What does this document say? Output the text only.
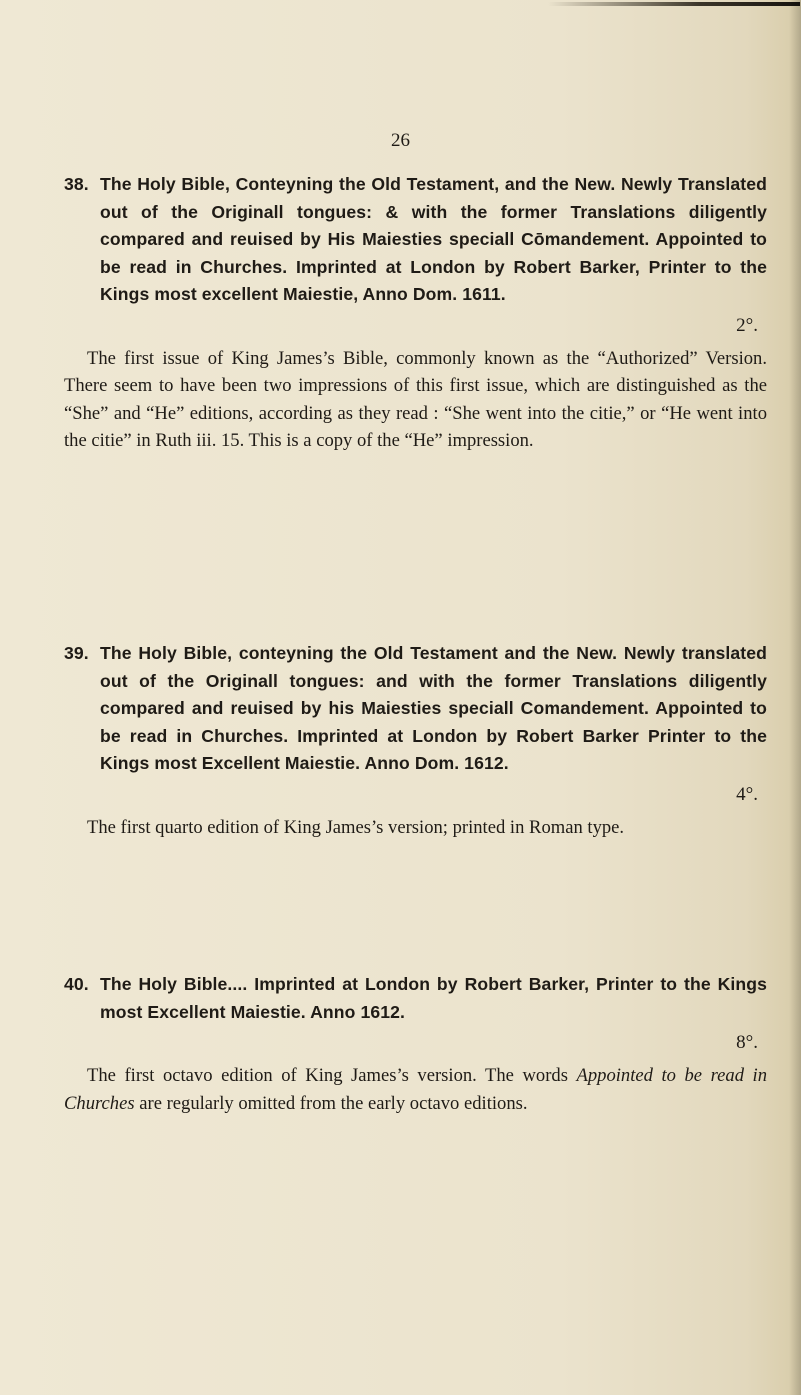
26
38. The Holy Bible, Conteyning the Old Testament, and the New. Newly Translated out of the Originall tongues: & with the former Translations diligently compared and reuised by His Maiesties speciall Cōmandement. Appointed to be read in Churches. Imprinted at London by Robert Barker, Printer to the Kings most excellent Maiestie, Anno Dom. 1611.
2°.
The first issue of King James’s Bible, commonly known as the “Authorized” Version. There seem to have been two impressions of this first issue, which are distinguished as the “She” and “He” editions, according as they read : “She went into the citie,” or “He went into the citie” in Ruth iii. 15. This is a copy of the “He” impression.
39. The Holy Bible, conteyning the Old Testament and the New. Newly translated out of the Originall tongues: and with the former Translations diligently compared and reuised by his Maiesties speciall Comandement. Appointed to be read in Churches. Imprinted at London by Robert Barker Printer to the Kings most Excellent Maiestie. Anno Dom. 1612.
4°.
The first quarto edition of King James’s version; printed in Roman type.
40. The Holy Bible.... Imprinted at London by Robert Barker, Printer to the Kings most Excellent Maiestie. Anno 1612.
8°.
The first octavo edition of King James’s version. The words Appointed to be read in Churches are regularly omitted from the early octavo editions.
